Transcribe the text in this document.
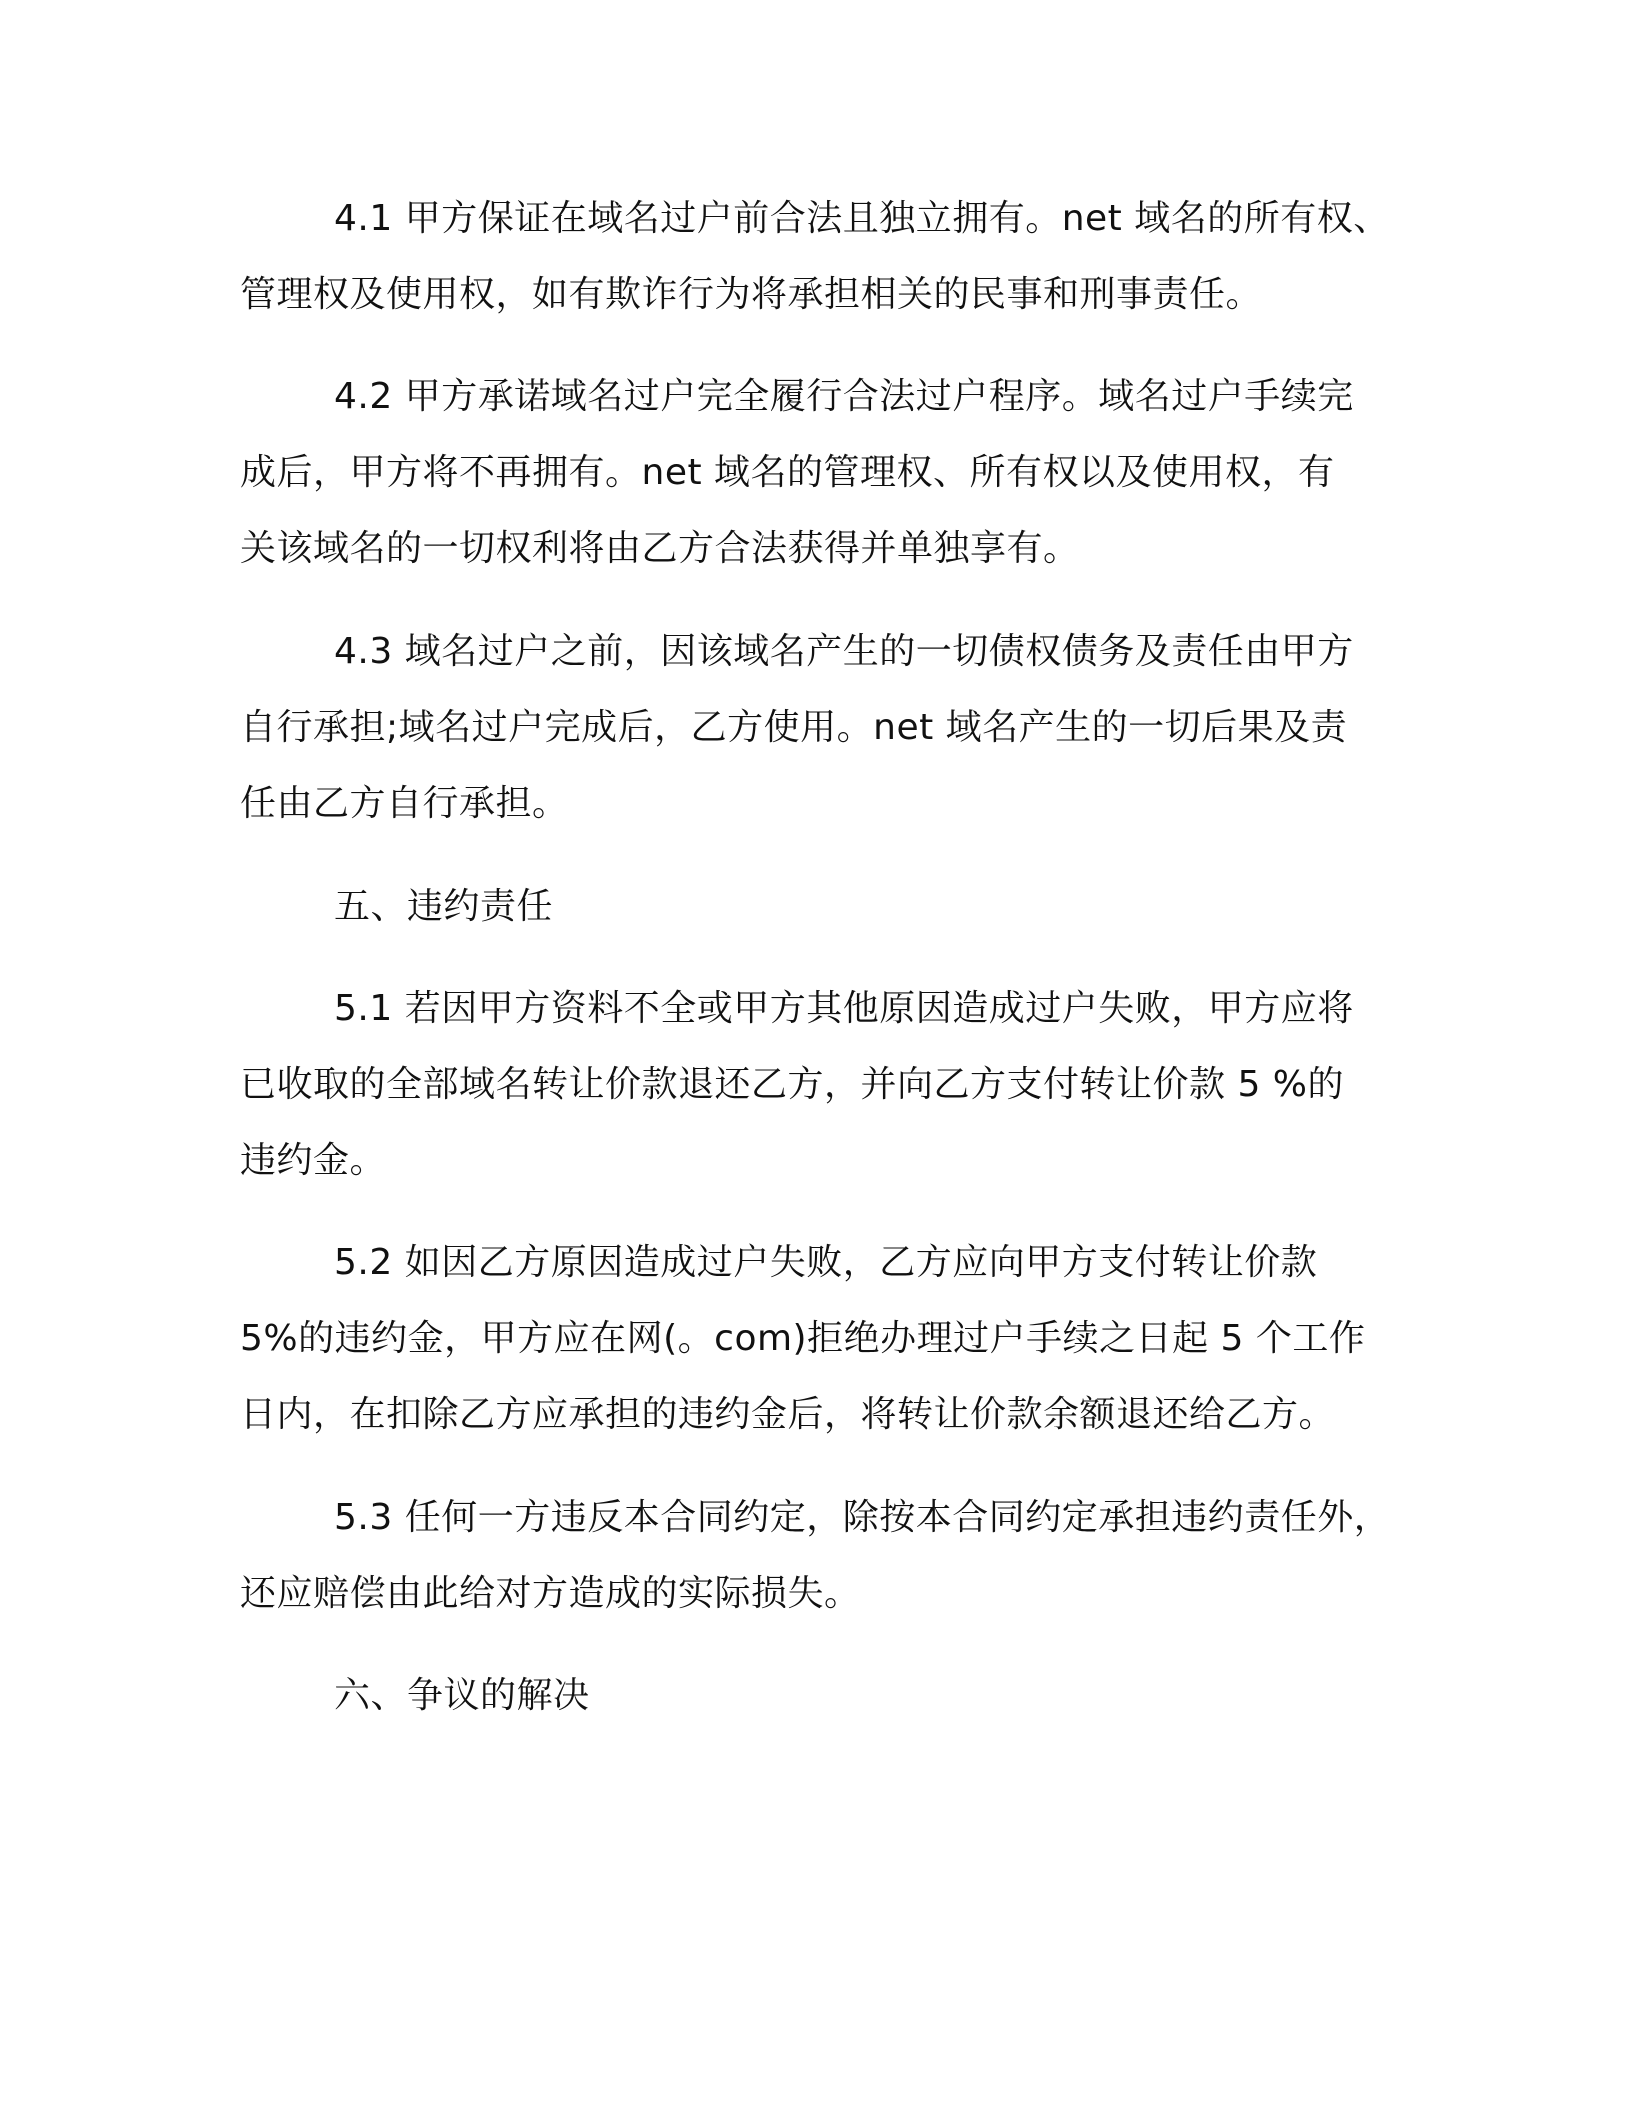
4.1 甲方保证在域名过户前合法且独立拥有。net 域名的所有权、
管理权及使用权，如有欺诈行为将承担相关的民事和刑事责任。
4.2 甲方承诺域名过户完全履行合法过户程序。域名过户手续完
成后，甲方将不再拥有。net 域名的管理权、所有权以及使用权，有
关该域名的一切权利将由乙方合法获得并单独享有。
4.3 域名过户之前，因该域名产生的一切债权债务及责任由甲方
自行承担;域名过户完成后，乙方使用。net 域名产生的一切后果及责
任由乙方自行承担。
五、违约责任
5.1 若因甲方资料不全或甲方其他原因造成过户失败，甲方应将
已收取的全部域名转让价款退还乙方，并向乙方支付转让价款 5 %的
违约金。
5.2 如因乙方原因造成过户失败，乙方应向甲方支付转让价款
5%的违约金，甲方应在网(。com)拒绝办理过户手续之日起 5 个工作
日内，在扣除乙方应承担的违约金后，将转让价款余额退还给乙方。
5.3 任何一方违反本合同约定，除按本合同约定承担违约责任外，
还应赔偿由此给对方造成的实际损失。
六、争议的解决
